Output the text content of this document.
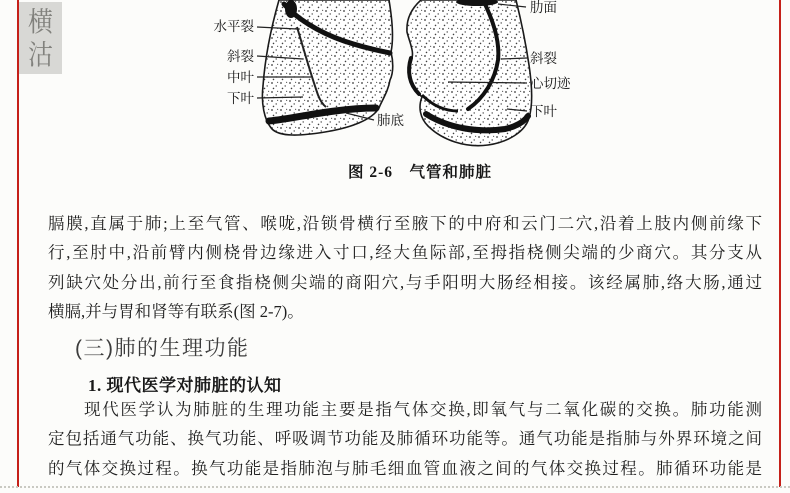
横
沽
水平裂
斜裂
中叶
下叶
肺底
肋面
斜裂
心切迹
下叶
图 2-6　气管和肺脏
膈膜,直属于肺;上至气管、喉咙,沿锁骨横行至腋下的中府和云门二穴,沿着上肢内侧前缘下
行,至肘中,沿前臂内侧桡骨边缘进入寸口,经大鱼际部,至拇指桡侧尖端的少商穴。其分支从
列缺穴处分出,前行至食指桡侧尖端的商阳穴,与手阳明大肠经相接。该经属肺,络大肠,通过
横膈,并与胃和肾等有联系(图 2-7)。
(三)肺的生理功能
1. 现代医学对肺脏的认知
现代医学认为肺脏的生理功能主要是指气体交换,即氧气与二氧化碳的交换。肺功能测
定包括通气功能、换气功能、呼吸调节功能及肺循环功能等。通气功能是指肺与外界环境之间
的气体交换过程。换气功能是指肺泡与肺毛细血管血液之间的气体交换过程。肺循环功能是
